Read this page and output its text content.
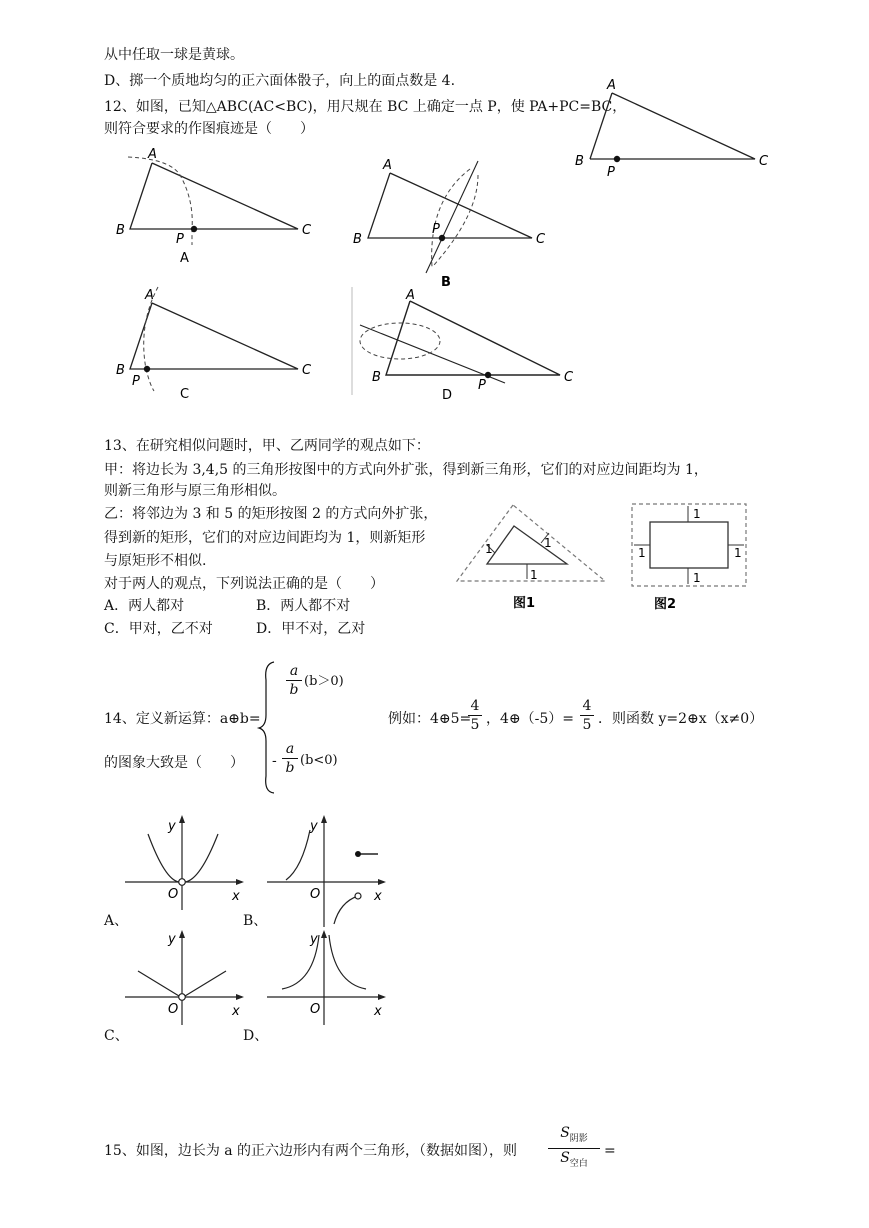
从中任取一球是黄球。
D、掷一个质地均匀的正六面体骰子，向上的面点数是 4.
12、如图，已知△ABC(AC<BC)，用尺规在 BC 上确定一点 P，使 PA+PC=BC，
则符合要求的作图痕迹是（　　）
A
B	C
P
A
B	C
P
A
A
B	C
P
B
A
B	C
P
C
A
B	C
P
D
13、在研究相似问题时，甲、乙两同学的观点如下：
甲：将边长为 3,4,5 的三角形按图中的方式向外扩张，得到新三角形，它们的对应边间距均为 1，
则新三角形与原三角形相似。
乙：将邻边为 3 和 5 的矩形按图 2 的方式向外扩张，
得到新的矩形，它们的对应边间距均为 1，则新矩形
与原矩形不相似.
对于两人的观点，下列说法正确的是（　　）
A．两人都对	B．两人都不对
C．甲对，乙不对	D．甲不对，乙对
1	1
1
图1
1
1
1	1
图2
14、定义新运算：a⊕b=
$\frac{a}{b} (b>0)$
- $\frac{a}{b} (b<0)$
例如：4⊕5=
$\frac{4}{5}$ ，4⊕（-5）= $\frac{4}{5}$ ．则函数 y=2⊕x（x≠0）
的图象大致是（　　）
y
x
O
A、
y
x
O
B、
y
x
O
C、
y
x
O
D、
15、如图，边长为 a 的正六边形内有两个三角形，（数据如图），则
$S_{阴影}$
$S_{空白}$
=
